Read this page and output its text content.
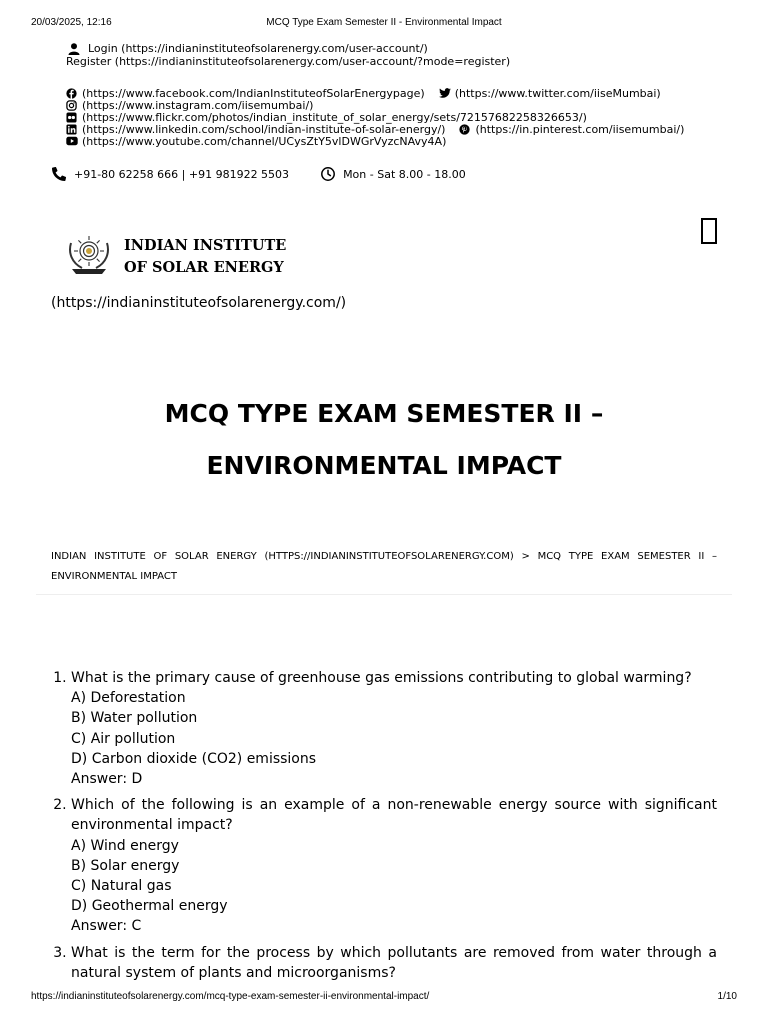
20/03/2025, 12:16	MCQ Type Exam Semester II - Environmental Impact
Login (https://indianinstituteofsolarenergy.com/user-account/)
Register (https://indianinstituteofsolarenergy.com/user-account/?mode=register)
(https://www.facebook.com/IndianInstituteofSolarEnergypage)	(https://www.twitter.com/iiseMumbai)
(https://www.instagram.com/iisemumbai/)
(https://www.flickr.com/photos/indian_institute_of_solar_energy/sets/72157682258326653/)
(https://www.linkedin.com/school/indian-institute-of-solar-energy/)	(https://in.pinterest.com/iisemumbai/)
(https://www.youtube.com/channel/UCysZtY5vlDWGrVyzcNAvy4A)
+91-80 62258 666 | +91 981922 5503	Mon - Sat 8.00 - 18.00
INDIAN INSTITUTE
OF SOLAR ENERGY
(https://indianinstituteofsolarenergy.com/)
MCQ TYPE EXAM SEMESTER II –
ENVIRONMENTAL IMPACT
INDIAN INSTITUTE OF SOLAR ENERGY (HTTPS://INDIANINSTITUTEOFSOLARENERGY.COM) > MCQ TYPE EXAM SEMESTER II – ENVIRONMENTAL IMPACT
1. What is the primary cause of greenhouse gas emissions contributing to global warming?
A) Deforestation
B) Water pollution
C) Air pollution
D) Carbon dioxide (CO2) emissions
Answer: D
2. Which of the following is an example of a non-renewable energy source with significant environmental impact?
A) Wind energy
B) Solar energy
C) Natural gas
D) Geothermal energy
Answer: C
3. What is the term for the process by which pollutants are removed from water through a natural system of plants and microorganisms?
https://indianinstituteofsolarenergy.com/mcq-type-exam-semester-ii-environmental-impact/	1/10
